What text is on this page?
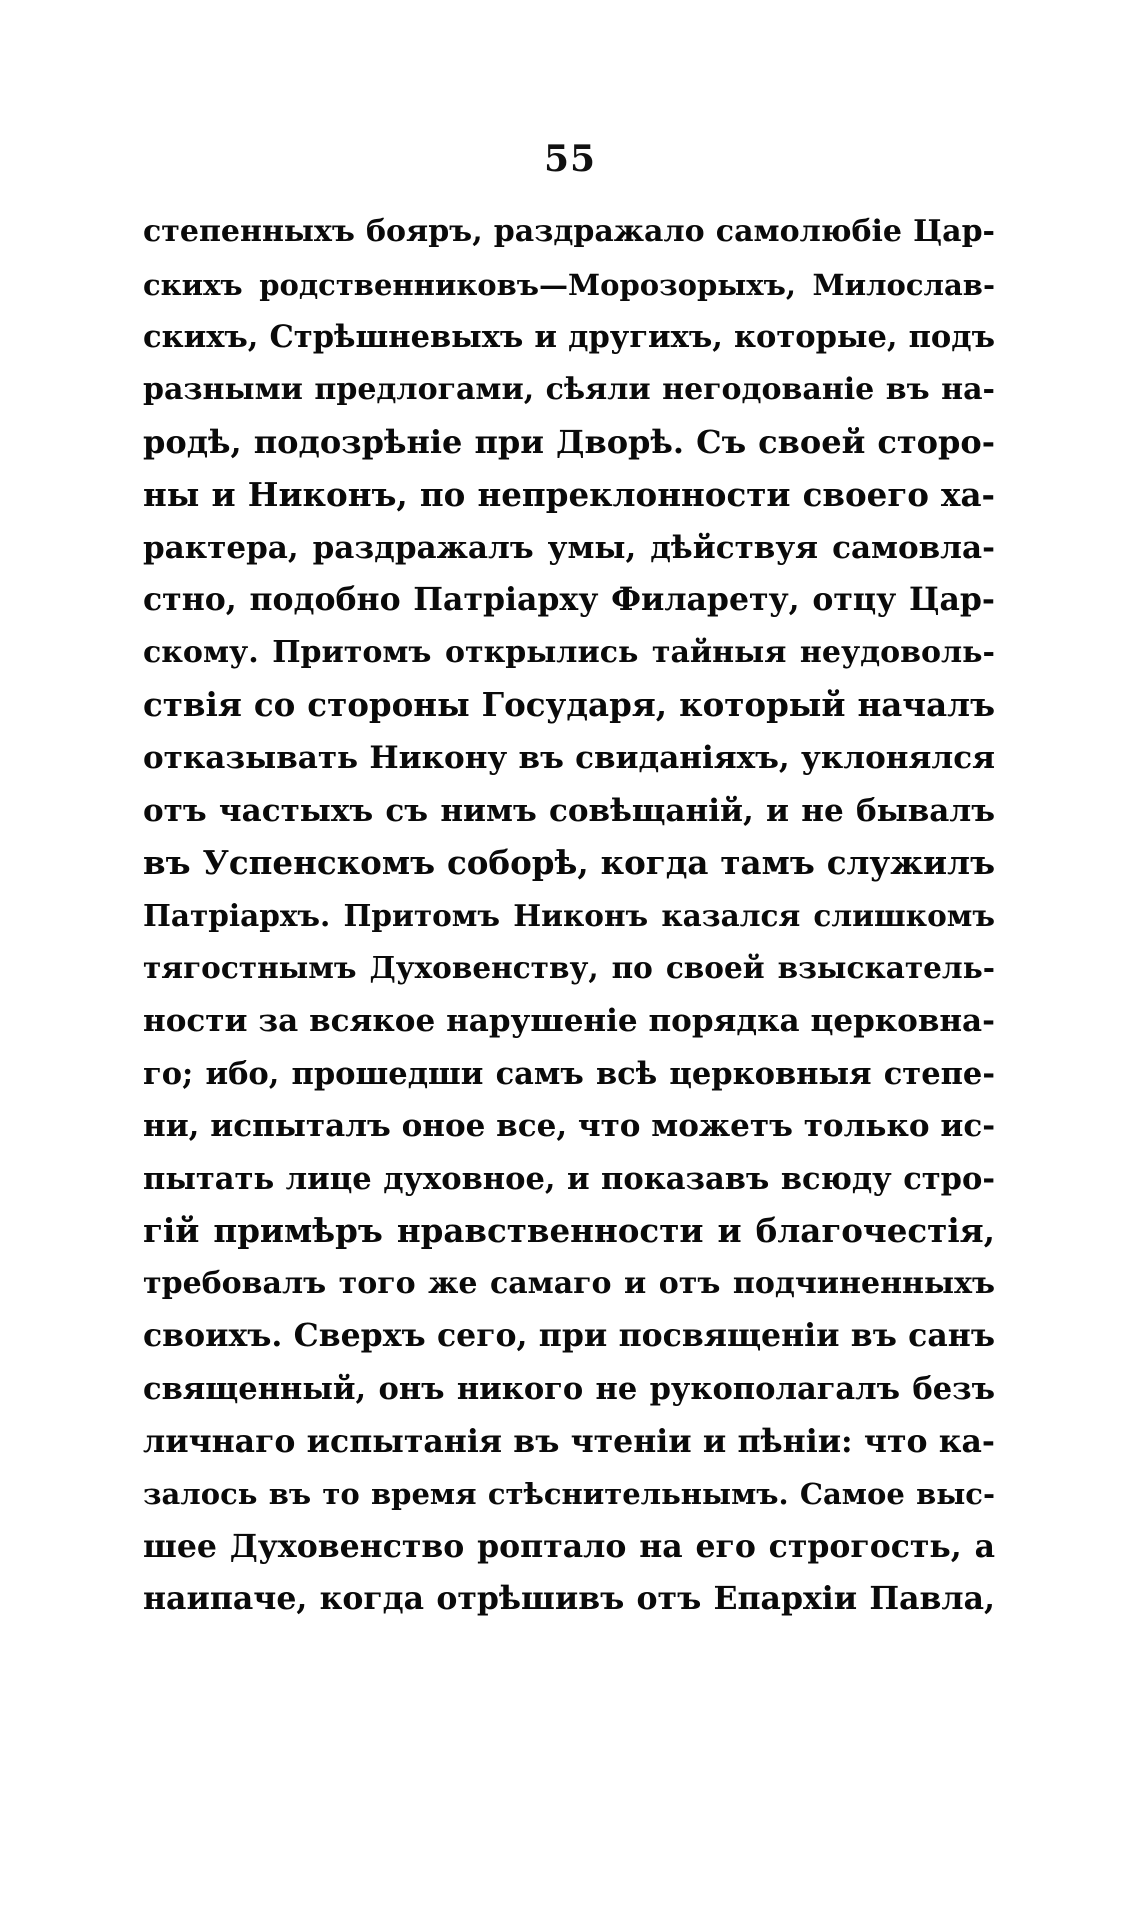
55
степенныхъ бояръ, раздражало самолюбіе Цар-
скихъ родственниковъ—Морозорыхъ, Милослав-
скихъ, Стрѣшневыхъ и другихъ, которые, подъ
разными предлогами, сѣяли негодованіе въ на-
родѣ, подозрѣніе при Дворѣ. Съ своей сторо-
ны и Никонъ, по непреклонности своего ха-
рактера, раздражалъ умы, дѣйствуя самовла-
стно, подобно Патріарху Филарету, отцу Цар-
скому. Притомъ открылись тайныя неудоволь-
ствія со стороны Государя, который началъ
отказывать Никону въ свиданіяхъ, уклонялся
отъ частыхъ съ нимъ совѣщаній, и не бывалъ
въ Успенскомъ соборѣ, когда тамъ служилъ
Патріархъ. Притомъ Никонъ казался слишкомъ
тягостнымъ Духовенству, по своей взыскатель-
ности за всякое нарушеніе порядка церковна-
го; ибо, прошедши самъ всѣ церковныя степе-
ни, испыталъ оное все, что можетъ только ис-
пытать лице духовное, и показавъ всюду стро-
гій примѣръ нравственности и благочестія,
требовалъ того же самаго и отъ подчиненныхъ
своихъ. Сверхъ сего, при посвященіи въ санъ
священный, онъ никого не рукополагалъ безъ
личнаго испытанія въ чтеніи и пѣніи: что ка-
залось въ то время стѣснительнымъ. Самое выс-
шее Духовенство роптало на его строгость, а
наипаче, когда отрѣшивъ отъ Епархіи Павла,
